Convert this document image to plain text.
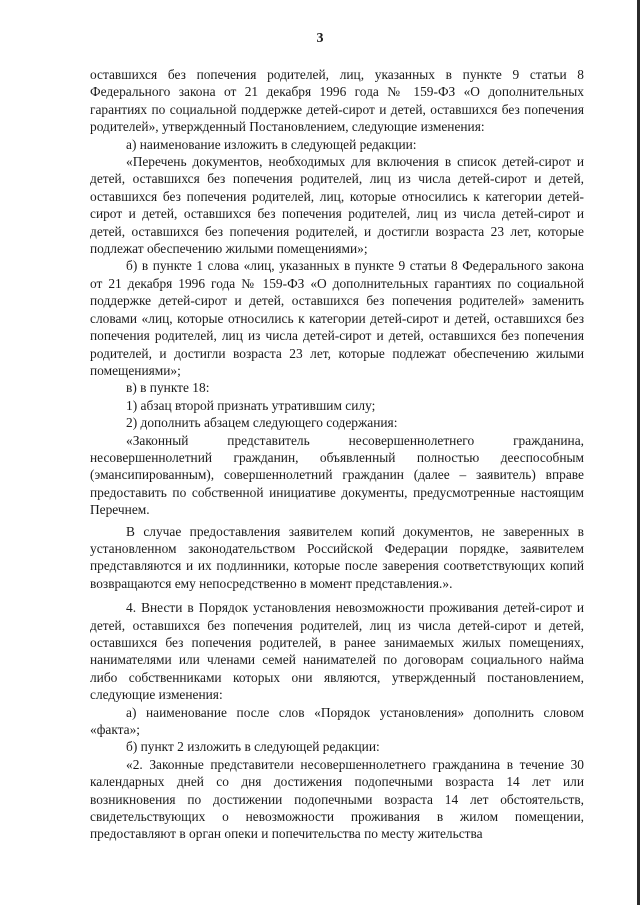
3

оставшихся без попечения родителей, лиц, указанных в пункте 9 статьи 8 Федерального закона от 21 декабря 1996 года № 159-ФЗ «О дополнительных гарантиях по социальной поддержке детей-сирот и детей, оставшихся без попечения родителей», утвержденный Постановлением, следующие изменения:

а) наименование изложить в следующей редакции:

«Перечень документов, необходимых для включения в список детей-сирот и детей, оставшихся без попечения родителей, лиц из числа детей-сирот и детей, оставшихся без попечения родителей, лиц, которые относились к категории детей-сирот и детей, оставшихся без попечения родителей, лиц из числа детей-сирот и детей, оставшихся без попечения родителей, и достигли возраста 23 лет, которые подлежат обеспечению жилыми помещениями»;

б) в пункте 1 слова «лиц, указанных в пункте 9 статьи 8 Федерального закона от 21 декабря 1996 года № 159-ФЗ «О дополнительных гарантиях по социальной поддержке детей-сирот и детей, оставшихся без попечения родителей» заменить словами «лиц, которые относились к категории детей-сирот и детей, оставшихся без попечения родителей, лиц из числа детей-сирот и детей, оставшихся без попечения родителей, и достигли возраста 23 лет, которые подлежат обеспечению жилыми помещениями»;

в) в пункте 18:

1) абзац второй признать утратившим силу;

2) дополнить абзацем следующего содержания:

«Законный представитель несовершеннолетнего гражданина, несовершеннолетний гражданин, объявленный полностью дееспособным (эмансипированным), совершеннолетний гражданин (далее – заявитель) вправе предоставить по собственной инициативе документы, предусмотренные настоящим Перечнем.

В случае предоставления заявителем копий документов, не заверенных в установленном законодательством Российской Федерации порядке, заявителем представляются и их подлинники, которые после заверения соответствующих копий возвращаются ему непосредственно в момент представления.».

4. Внести в Порядок установления невозможности проживания детей-сирот и детей, оставшихся без попечения родителей, лиц из числа детей-сирот и детей, оставшихся без попечения родителей, в ранее занимаемых жилых помещениях, нанимателями или членами семей нанимателей по договорам социального найма либо собственниками которых они являются, утвержденный постановлением, следующие изменения:

а) наименование после слов «Порядок установления» дополнить словом «факта»;

б) пункт 2 изложить в следующей редакции:

«2. Законные представители несовершеннолетнего гражданина в течение 30 календарных дней со дня достижения подопечными возраста 14 лет или возникновения по достижении подопечными возраста 14 лет обстоятельств, свидетельствующих о невозможности проживания в жилом помещении, предоставляют в орган опеки и попечительства по месту жительства
